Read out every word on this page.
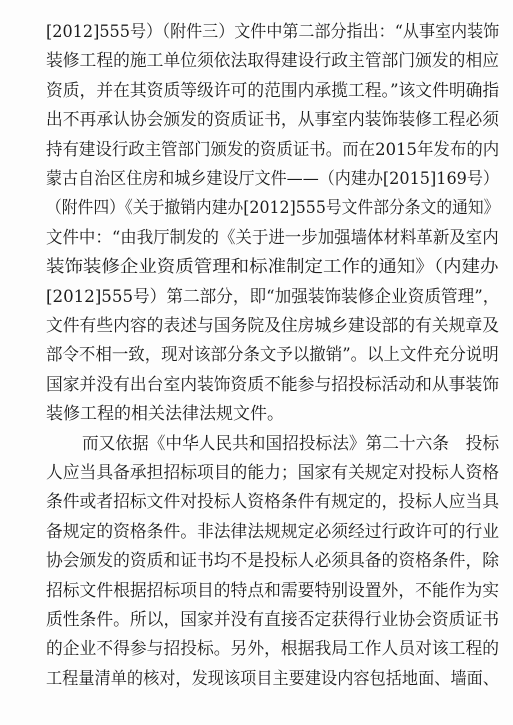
[2012]555号）（附件三）文件中第二部分指出：“从事室内装饰
装修工程的施工单位须依法取得建设行政主管部门颁发的相应
资质，并在其资质等级许可的范围内承揽工程。”该文件明确指
出不再承认协会颁发的资质证书，从事室内装饰装修工程必须
持有建设行政主管部门颁发的资质证书。而在2015年发布的内
蒙古自治区住房和城乡建设厅文件——（内建办[2015]169号）
（附件四）《关于撤销内建办[2012]555号文件部分条文的通知》
文件中：“由我厅制发的《关于进一步加强墙体材料革新及室内
装饰装修企业资质管理和标准制定工作的通知》（内建办
[2012]555号）第二部分，即“加强装饰装修企业资质管理”，
文件有些内容的表述与国务院及住房城乡建设部的有关规章及
部令不相一致，现对该部分条文予以撤销”。以上文件充分说明
国家并没有出台室内装饰资质不能参与招投标活动和从事装饰
装修工程的相关法律法规文件。
而又依据《中华人民共和国招投标法》第二十六条　投标
人应当具备承担招标项目的能力；国家有关规定对投标人资格
条件或者招标文件对投标人资格条件有规定的，投标人应当具
备规定的资格条件。非法律法规规定必须经过行政许可的行业
协会颁发的资质和证书均不是投标人必须具备的资格条件，除
招标文件根据招标项目的特点和需要特别设置外，不能作为实
质性条件。所以，国家并没有直接否定获得行业协会资质证书
的企业不得参与招投标。另外，根据我局工作人员对该工程的
工程量清单的核对，发现该项目主要建设内容包括地面、墙面、
